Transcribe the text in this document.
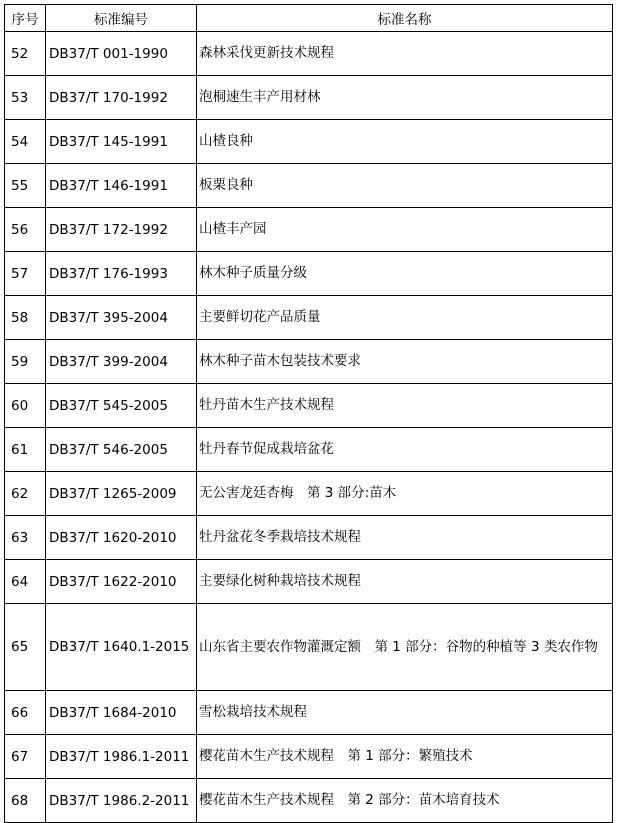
序号	标准编号	标准名称
52	DB37/T 001-1990	森林采伐更新技术规程
53	DB37/T 170-1992	泡桐速生丰产用材林
54	DB37/T 145-1991	山楂良种
55	DB37/T 146-1991	板栗良种
56	DB37/T 172-1992	山楂丰产园
57	DB37/T 176-1993	林木种子质量分级
58	DB37/T 395-2004	主要鲜切花产品质量
59	DB37/T 399-2004	林木种子苗木包装技术要求
60	DB37/T 545-2005	牡丹苗木生产技术规程
61	DB37/T 546-2005	牡丹春节促成栽培盆花
62	DB37/T 1265-2009	无公害龙廷杏梅　第 3 部分:苗木
63	DB37/T 1620-2010	牡丹盆花冬季栽培技术规程
64	DB37/T 1622-2010	主要绿化树种栽培技术规程
65	DB37/T 1640.1-2015	山东省主要农作物灌溉定额　第 1 部分：谷物的种植等 3 类农作物
66	DB37/T 1684-2010	雪松栽培技术规程
67	DB37/T 1986.1-2011	樱花苗木生产技术规程　第 1 部分：繁殖技术
68	DB37/T 1986.2-2011	樱花苗木生产技术规程　第 2 部分：苗木培育技术
